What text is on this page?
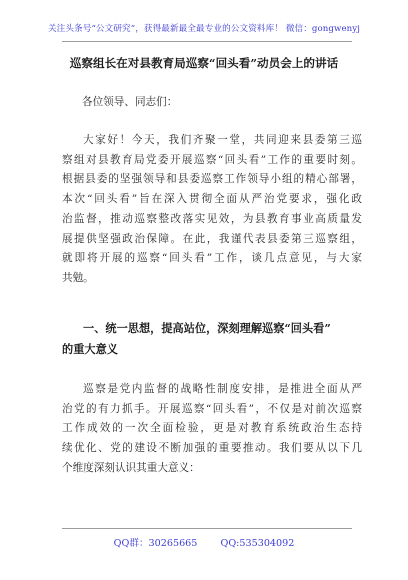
关注头条号“公文研究”，获得最新最全最专业的公文资料库！ 微信：gongwenyj
巡察组长在对县教育局巡察“回头看”动员会上的讲话
各位领导、同志们：
大家好！今天，我们齐聚一堂，共同迎来县委第三巡
察组对县教育局党委开展巡察“回头看”工作的重要时刻。
根据县委的坚强领导和县委巡察工作领导小组的精心部署，
本次“回头看”旨在深入贯彻全面从严治党要求，强化政
治监督，推动巡察整改落实见效，为县教育事业高质量发
展提供坚强政治保障。在此，我谨代表县委第三巡察组，
就即将开展的巡察“回头看”工作，谈几点意见，与大家
共勉。
一、统一思想，提高站位，深刻理解巡察“回头看”
的重大意义
巡察是党内监督的战略性制度安排，是推进全面从严
治党的有力抓手。开展巡察“回头看”，不仅是对前次巡察
工作成效的一次全面检验，更是对教育系统政治生态持
续优化、党的建设不断加强的重要推动。我们要从以下几
个维度深刻认识其重大意义：
QQ群：30265665 QQ:535304092
